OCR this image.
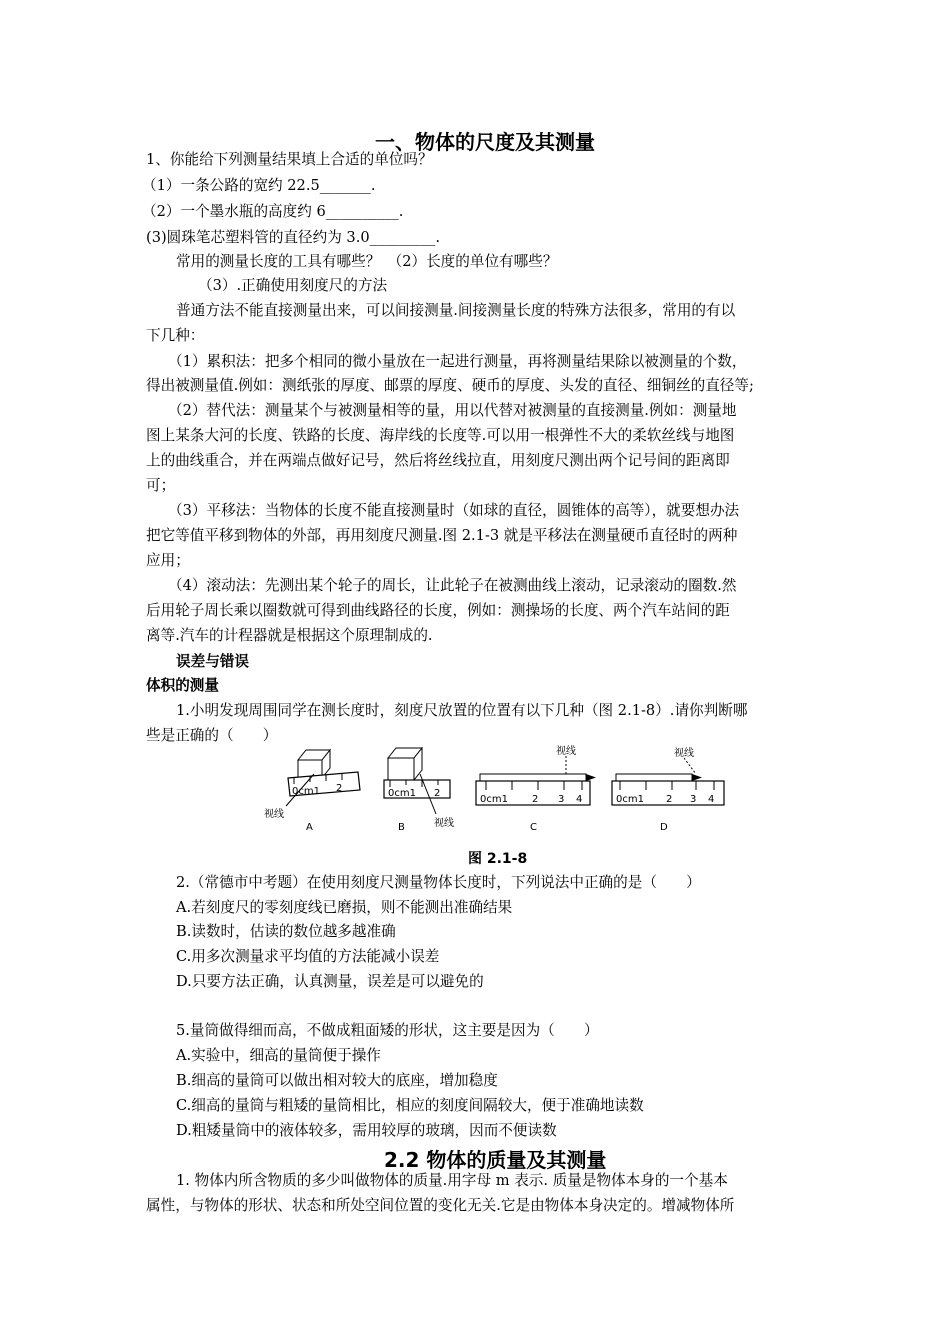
一、物体的尺度及其测量
1、你能给下列测量结果填上合适的单位吗？
（1）一条公路的宽约 22.5_______.
（2）一个墨水瓶的高度约 6__________.
(3)圆珠笔芯塑料管的直径约为 3.0_________.
常用的测量长度的工具有哪些？　（2）长度的单位有哪些？
（3）.正确使用刻度尺的方法
普通方法不能直接测量出来，可以间接测量.间接测量长度的特殊方法很多，常用的有以
下几种：
（1）累积法：把多个相同的微小量放在一起进行测量，再将测量结果除以被测量的个数，
得出被测量值.例如：测纸张的厚度、邮票的厚度、硬币的厚度、头发的直径、细铜丝的直径等;
（2）替代法：测量某个与被测量相等的量，用以代替对被测量的直接测量.例如：测量地
图上某条大河的长度、铁路的长度、海岸线的长度等.可以用一根弹性不大的柔软丝线与地图
上的曲线重合，并在两端点做好记号，然后将丝线拉直，用刻度尺测出两个记号间的距离即
可；
（3）平移法：当物体的长度不能直接测量时（如球的直径，圆锥体的高等），就要想办法
把它等值平移到物体的外部，再用刻度尺测量.图 2.1-3 就是平移法在测量硬币直径时的两种
应用；
（4）滚动法：先测出某个轮子的周长，让此轮子在被测曲线上滚动，记录滚动的圈数.然
后用轮子周长乘以圈数就可得到曲线路径的长度，例如：测操场的长度、两个汽车站间的距
离等.汽车的计程器就是根据这个原理制成的.
误差与错误
体积的测量
1.小明发现周围同学在测长度时，刻度尺放置的位置有以下几种（图 2.1-8）.请你判断哪
些是正确的（　　）
0cm1 2
视线
A
0cm1 2
视线
B
0cm1 2 3 4
视线
C
0cm1 2 3 4
视线
D
图 2.1-8
2.（常德市中考题）在使用刻度尺测量物体长度时，下列说法中正确的是（　　）
A.若刻度尺的零刻度线已磨损，则不能测出准确结果
B.读数时，估读的数位越多越准确
C.用多次测量求平均值的方法能减小误差
D.只要方法正确，认真测量，误差是可以避免的
5.量筒做得细而高，不做成粗面矮的形状，这主要是因为（　　）
A.实验中，细高的量筒便于操作
B.细高的量筒可以做出相对较大的底座，增加稳度
C.细高的量筒与粗矮的量筒相比，相应的刻度间隔较大，便于准确地读数
D.粗矮量筒中的液体较多，需用较厚的玻璃，因而不便读数
2.2 物体的质量及其测量
1. 物体内所含物质的多少叫做物体的质量.用字母 m 表示. 质量是物体本身的一个基本
属性，与物体的形状、状态和所处空间位置的变化无关.它是由物体本身决定的。增减物体所
